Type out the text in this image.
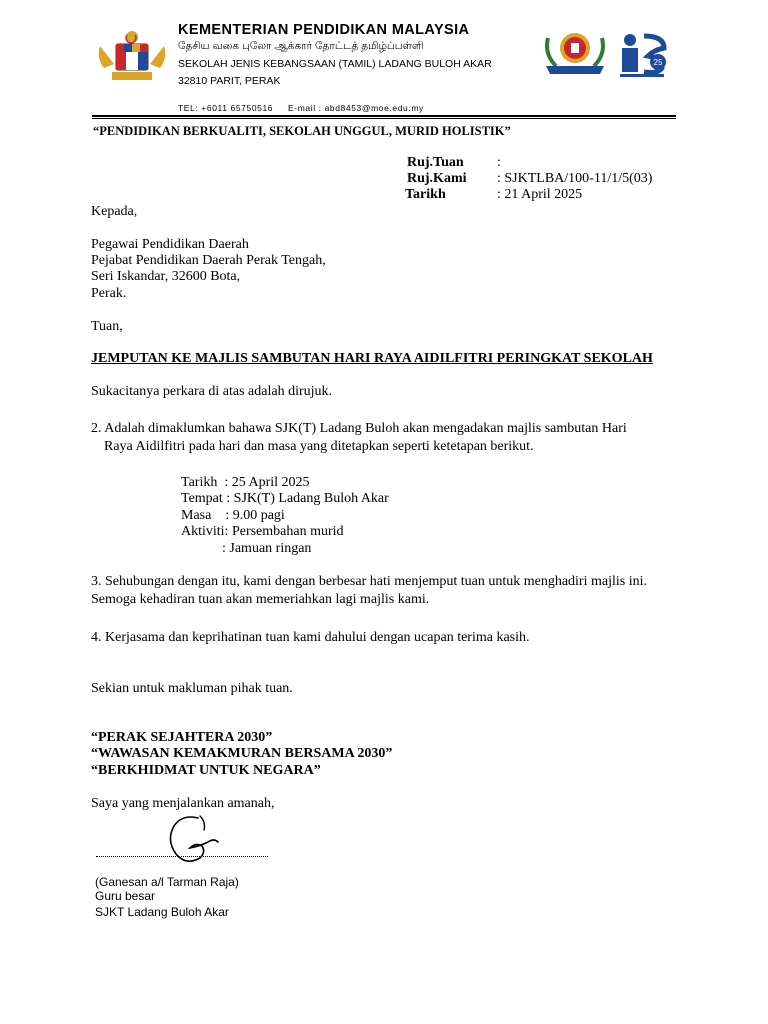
KEMENTERIAN PENDIDIKAN MALAYSIA
தேசிய வகை புலோ ஆக்கார் தோட்டத் தமிழ்ப்பள்ளி
SEKOLAH JENIS KEBANGSAAN (TAMIL) LADANG BULOH AKAR
32810 PARIT, PERAK
25
TEL: +6011 65750516 E-mail : abd8453@moe.edu.my
“PENDIDIKAN BERKUALITI, SEKOLAH UNGGUL, MURID HOLISTIK”
Ruj.Tuan :
Ruj.Kami : SJKTLBA/100-11/1/5(03)
Tarikh	: 21 April 2025
Kepada,
Pegawai Pendidikan Daerah
Pejabat Pendidikan Daerah Perak Tengah,
Seri Iskandar, 32600 Bota,
Perak.
Tuan,
JEMPUTAN KE MAJLIS SAMBUTAN HARI RAYA AIDILFITRI PERINGKAT SEKOLAH
Sukacitanya perkara di atas adalah dirujuk.
2. Adalah dimaklumkan bahawa SJK(T) Ladang Buloh akan mengadakan majlis sambutan Hari
Raya Aidilfitri pada hari dan masa yang ditetapkan seperti ketetapan berikut.
Tarikh  : 25 April 2025
Tempat : SJK(T) Ladang Buloh Akar
Masa    : 9.00 pagi
Aktiviti: Persembahan murid
: Jamuan ringan
3. Sehubungan dengan itu, kami dengan berbesar hati menjemput tuan untuk menghadiri majlis ini.
Semoga kehadiran tuan akan memeriahkan lagi majlis kami.
4. Kerjasama dan keprihatinan tuan kami dahului dengan ucapan terima kasih.
Sekian untuk makluman pihak tuan.
“PERAK SEJAHTERA 2030”
“WAWASAN KEMAKMURAN BERSAMA 2030”
“BERKHIDMAT UNTUK NEGARA”
Saya yang menjalankan amanah,
(Ganesan a/l Tarman Raja)
Guru besar
SJKT Ladang Buloh Akar
